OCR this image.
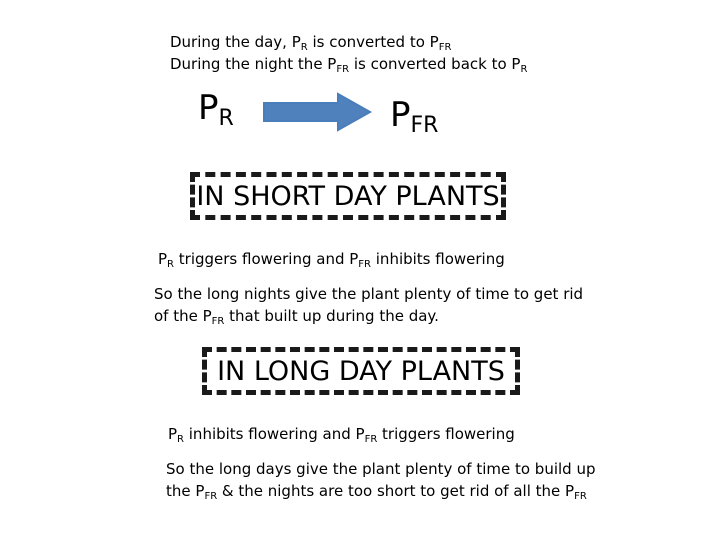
During the day, $P_R$ is converted to $P_{FR}$
During the night the $P_{FR}$ is converted back to $P_R$
$P_R$	$P_{FR}$
IN SHORT DAY PLANTS
$P_R$ triggers flowering and $P_{FR}$ inhibits flowering
So the long nights give the plant plenty of time to get rid
of the $P_{FR}$ that built up during the day.
IN LONG DAY PLANTS
$P_R$ inhibits flowering and $P_{FR}$ triggers flowering
So the long days give the plant plenty of time to build up
the $P_{FR}$ & the nights are too short to get rid of all the $P_{FR}$
